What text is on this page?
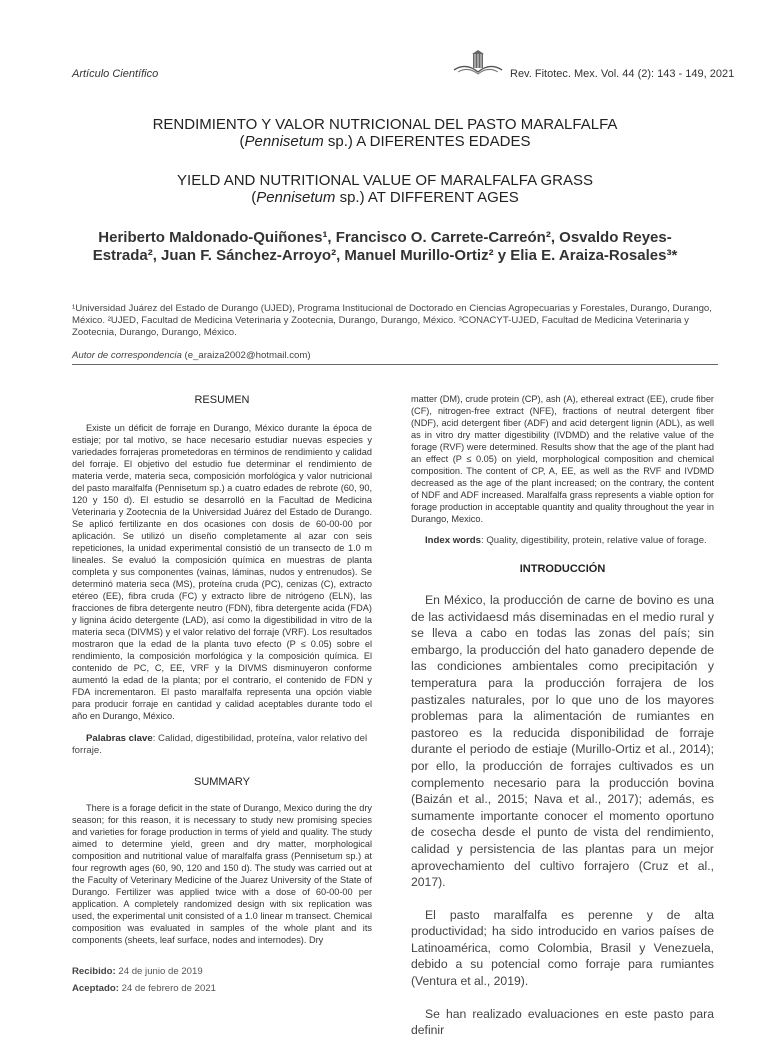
Artículo Científico	Rev. Fitotec. Mex. Vol. 44 (2): 143 - 149, 2021
RENDIMIENTO Y VALOR NUTRICIONAL DEL PASTO MARALFALFA
(Pennisetum sp.) A DIFERENTES EDADES
YIELD AND NUTRITIONAL VALUE OF MARALFALFA GRASS
(Pennisetum sp.) AT DIFFERENT AGES
Heriberto Maldonado-Quiñones¹, Francisco O. Carrete-Carreón², Osvaldo Reyes-
Estrada², Juan F. Sánchez-Arroyo², Manuel Murillo-Ortiz² y Elia E. Araiza-Rosales³*
¹Universidad Juárez del Estado de Durango (UJED), Programa Institucional de Doctorado en Ciencias Agropecuarias y Forestales, Durango, Durango, México. ²UJED, Facultad de Medicina Veterinaria y Zootecnia, Durango, Durango, México. ³CONACYT-UJED, Facultad de Medicina Veterinaria y Zootecnia, Durango, Durango, México.
Autor de correspondencia (e_araiza2002@hotmail.com)
RESUMEN

Existe un déficit de forraje en Durango, México durante la época de estiaje; por tal motivo, se hace necesario estudiar nuevas especies y variedades forrajeras prometedoras en términos de rendimiento y calidad del forraje. El objetivo del estudio fue determinar el rendimiento de materia verde, materia seca, composición morfológica y valor nutricional del pasto maralfalfa (Pennisetum sp.) a cuatro edades de rebrote (60, 90, 120 y 150 d). El estudio se desarrolló en la Facultad de Medicina Veterinaria y Zootecnia de la Universidad Juárez del Estado de Durango. Se aplicó fertilizante en dos ocasiones con dosis de 60-00-00 por aplicación. Se utilizó un diseño completamente al azar con seis repeticiones, la unidad experimental consistió de un transecto de 1.0 m lineales. Se evaluó la composición química en muestras de planta completa y sus componentes (vainas, láminas, nudos y entrenudos). Se determinó materia seca (MS), proteína cruda (PC), cenizas (C), extracto etéreo (EE), fibra cruda (FC) y extracto libre de nitrógeno (ELN), las fracciones de fibra detergente neutro (FDN), fibra detergente acida (FDA) y lignina ácido detergente (LAD), así como la digestibilidad in vitro de la materia seca (DIVMS) y el valor relativo del forraje (VRF). Los resultados mostraron que la edad de la planta tuvo efecto (P ≤ 0.05) sobre el rendimiento, la composición morfológica y la composición química. El contenido de PC, C, EE, VRF y la DIVMS disminuyeron conforme aumentó la edad de la planta; por el contrario, el contenido de FDN y FDA incrementaron. El pasto maralfalfa representa una opción viable para producir forraje en cantidad y calidad aceptables durante todo el año en Durango, México.

Palabras clave: Calidad, digestibilidad, proteína, valor relativo del forraje.
SUMMARY

There is a forage deficit in the state of Durango, Mexico during the dry season; for this reason, it is necessary to study new promising species and varieties for forage production in terms of yield and quality. The study aimed to determine yield, green and dry matter, morphological composition and nutritional value of maralfalfa grass (Pennisetum sp.) at four regrowth ages (60, 90, 120 and 150 d). The study was carried out at the Faculty of Veterinary Medicine of the Juarez University of the State of Durango. Fertilizer was applied twice with a dose of 60-00-00 per application. A completely randomized design with six replication was used, the experimental unit consisted of a 1.0 linear m transect. Chemical composition was evaluated in samples of the whole plant and its components (sheets, leaf surface, nodes and internodes). Dry

matter (DM), crude protein (CP), ash (A), ethereal extract (EE), crude fiber (CF), nitrogen-free extract (NFE), fractions of neutral detergent fiber (NDF), acid detergent fiber (ADF) and acid detergent lignin (ADL), as well as in vitro dry matter digestibility (IVDMD) and the relative value of the forage (RVF) were determined. Results show that the age of the plant had an effect (P ≤ 0.05) on yield, morphological composition and chemical composition. The content of CP, A, EE, as well as the RVF and IVDMD decreased as the age of the plant increased; on the contrary, the content of NDF and ADF increased. Maralfalfa grass represents a viable option for forage production in acceptable quantity and quality throughout the year in Durango, Mexico.

Index words: Quality, digestibility, protein, relative value of forage.
INTRODUCCIÓN

En México, la producción de carne de bovino es una de las actividaesd más diseminadas en el medio rural y se lleva a cabo en todas las zonas del país; sin embargo, la producción del hato ganadero depende de las condiciones ambientales como precipitación y temperatura para la producción forrajera de los pastizales naturales, por lo que uno de los mayores problemas para la alimentación de rumiantes en pastoreo es la reducida disponibilidad de forraje durante el periodo de estiaje (Murillo-Ortiz et al., 2014); por ello, la producción de forrajes cultivados es un complemento necesario para la producción bovina (Baizán et al., 2015; Nava et al., 2017); además, es sumamente importante conocer el momento oportuno de cosecha desde el punto de vista del rendimiento, calidad y persistencia de las plantas para un mejor aprovechamiento del cultivo forrajero (Cruz et al., 2017).

El pasto maralfalfa es perenne y de alta productividad; ha sido introducido en varios países de Latinoamérica, como Colombia, Brasil y Venezuela, debido a su potencial como forraje para rumiantes (Ventura et al., 2019).

Se han realizado evaluaciones en este pasto para definir

Recibido: 24 de junio de 2019
Aceptado: 24 de febrero de 2021
